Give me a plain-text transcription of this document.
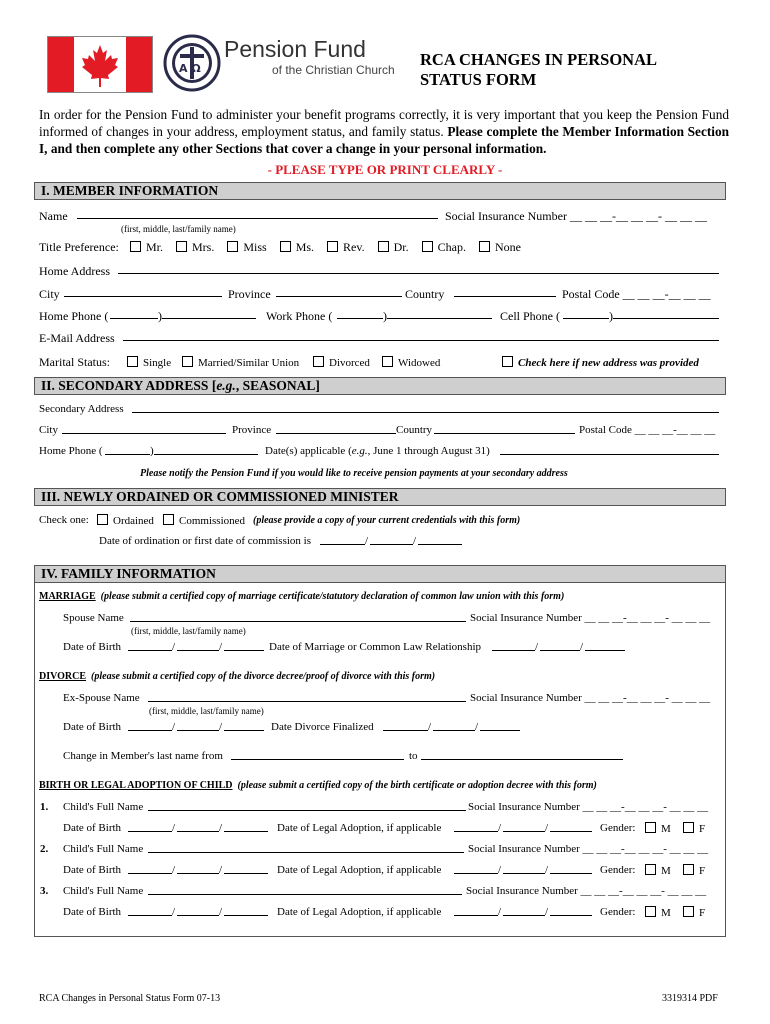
A Ω
Pension Fund
of the Christian Church
RCA CHANGES IN PERSONAL
STATUS FORM
In order for the Pension Fund to administer your benefit programs correctly, it is very important that you keep the Pension Fund informed of changes in your address, employment status, and family status. Please complete the Member Information Section I, and then complete any other Sections that cover a change in your personal information.
- PLEASE TYPE OR PRINT CLEARLY -
I. MEMBER INFORMATION
Name	Social Insurance Number __ __ __-__ __ __- __ __ __
(first, middle, last/family name)
Title Preference:	Mr. Mrs. Miss Ms. Rev. Dr. Chap. None
Home Address
City	Province	Country	Postal Code __ __ __-__ __ __
Home Phone (	)	Work Phone (	)	Cell Phone (	)
E-Mail Address
Marital Status:	Single	Married/Similar Union	Divorced	Widowed	Check here if new address was provided
II. SECONDARY ADDRESS [e.g., SEASONAL]
Secondary Address
City	Province	Country	Postal Code __ __ __-__ __ __
Home Phone (	)	Date(s) applicable (e.g., June 1 through August 31)
Please notify the Pension Fund if you would like to receive pension payments at your secondary address
III. NEWLY ORDAINED OR COMMISSIONED MINISTER
Check one:	Ordained	Commissioned (please provide a copy of your current credentials with this form)
Date of ordination or first date of commission is	/	/
IV. FAMILY INFORMATION
MARRIAGE (please submit a certified copy of marriage certificate/statutory declaration of common law union with this form)
Spouse Name	Social Insurance Number __ __ __-__ __ __- __ __ __
(first, middle, last/family name)
Date of Birth	/	/	Date of Marriage or Common Law Relationship	/	/
DIVORCE (please submit a certified copy of the divorce decree/proof of divorce with this form)
Ex-Spouse Name	Social Insurance Number __ __ __-__ __ __- __ __ __
(first, middle, last/family name)
Date of Birth	/	/	Date Divorce Finalized	/	/
Change in Member's last name from	to
BIRTH OR LEGAL ADOPTION OF CHILD (please submit a certified copy of the birth certificate or adoption decree with this form)
1. Child's Full Name	Social Insurance Number __ __ __-__ __ __- __ __ __
Date of Birth	/	/	Date of Legal Adoption, if applicable	/	/	Gender:	M	F
2. Child's Full Name	Social Insurance Number __ __ __-__ __ __- __ __ __
Date of Birth	/	/	Date of Legal Adoption, if applicable	/	/	Gender:	M	F
3. Child's Full Name	Social Insurance Number __ __ __-__ __ __- __ __ __
Date of Birth	/	/	Date of Legal Adoption, if applicable	/	/	Gender:	M	F
RCA Changes in Personal Status Form 07-13	3319314 PDF
